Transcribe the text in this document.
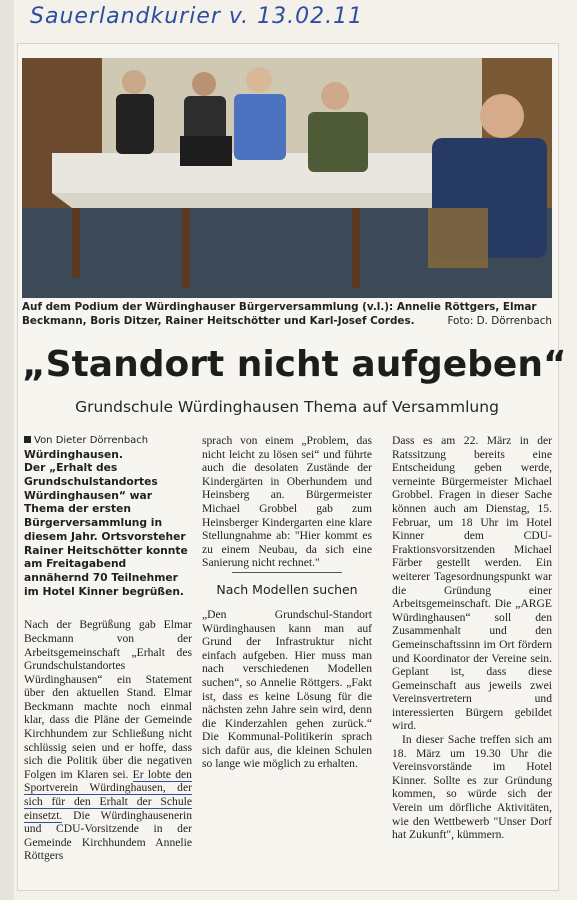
Sauerlandkurier v. 13.02.11
Auf dem Podium der Würdinghauser Bürgerversammlung (v.l.): Annelie Röttgers, Elmar Beckmann, Boris Ditzer, Rainer Heitschötter und Karl-Josef Cordes.	Foto: D. Dörrenbach
„Standort nicht aufgeben“
Grundschule Würdinghausen Thema auf Versammlung
Von Dieter Dörrenbach

Würdinghausen.
Der „Erhalt des Grundschulstandortes Würdinghausen“ war Thema der ersten Bürgerversammlung in diesem Jahr. Ortsvorsteher Rainer Heitschötter konnte am Freitagabend annähernd 70 Teilnehmer im Hotel Kinner begrüßen.

Nach der Begrüßung gab Elmar Beckmann von der Arbeitsgemeinschaft „Erhalt des Grundschulstandortes Würdinghausen“ ein Statement über den aktuellen Stand. Elmar Beckmann machte noch einmal klar, dass die Pläne der Gemeinde Kirchhundem zur Schließung nicht schlüssig seien und er hoffe, dass sich die Politik über die negativen Folgen im Klaren sei. Er lobte den Sportverein Würdinghausen, der sich für den Erhalt der Schule einsetzt. Die Würdinghausenerin und CDU-Vorsitzende in der Gemeinde Kirchhundem Annelie Röttgers

sprach von einem „Problem, das nicht leicht zu lösen sei“ und führte auch die desolaten Zustände der Kindergärten in Oberhundem und Heinsberg an. Bürgermeister Michael Grobbel gab zum Heinsberger Kindergarten eine klare Stellungnahme ab: "Hier kommt es zu einem Neubau, da sich eine Sanierung nicht rechnet."

Nach Modellen suchen

„Den Grundschul-Standort Würdinghausen kann man auf Grund der Infrastruktur nicht einfach aufgeben. Hier muss man nach verschiedenen Modellen suchen“, so Annelie Röttgers. „Fakt ist, dass es keine Lösung für die nächsten zehn Jahre sein wird, denn die Kinderzahlen gehen zurück.“ Die Kommunal-Politikerin sprach sich dafür aus, die kleinen Schulen so lange wie möglich zu erhalten.

Dass es am 22. März in der Ratssitzung bereits eine Entscheidung geben werde, verneinte Bürgermeister Michael Grobbel. Fragen in dieser Sache können auch am Dienstag, 15. Februar, um 18 Uhr im Hotel Kinner dem CDU-Fraktionsvorsitzenden Michael Färber gestellt werden. Ein weiterer Tagesordnungspunkt war die Gründung einer Arbeitsgemeinschaft. Die „ARGE Würdinghausen“ soll den Zusammenhalt und den Gemeinschaftssinn im Ort fördern und Koordinator der Vereine sein. Geplant ist, dass diese Gemeinschaft aus jeweils zwei Vereinsvertretern und interessierten Bürgern gebildet wird.

In dieser Sache treffen sich am 18. März um 19.30 Uhr die Vereinsvorstände im Hotel Kinner. Sollte es zur Gründung kommen, so würde sich der Verein um dörfliche Aktivitäten, wie den Wettbewerb "Unser Dorf hat Zukunft", kümmern.
